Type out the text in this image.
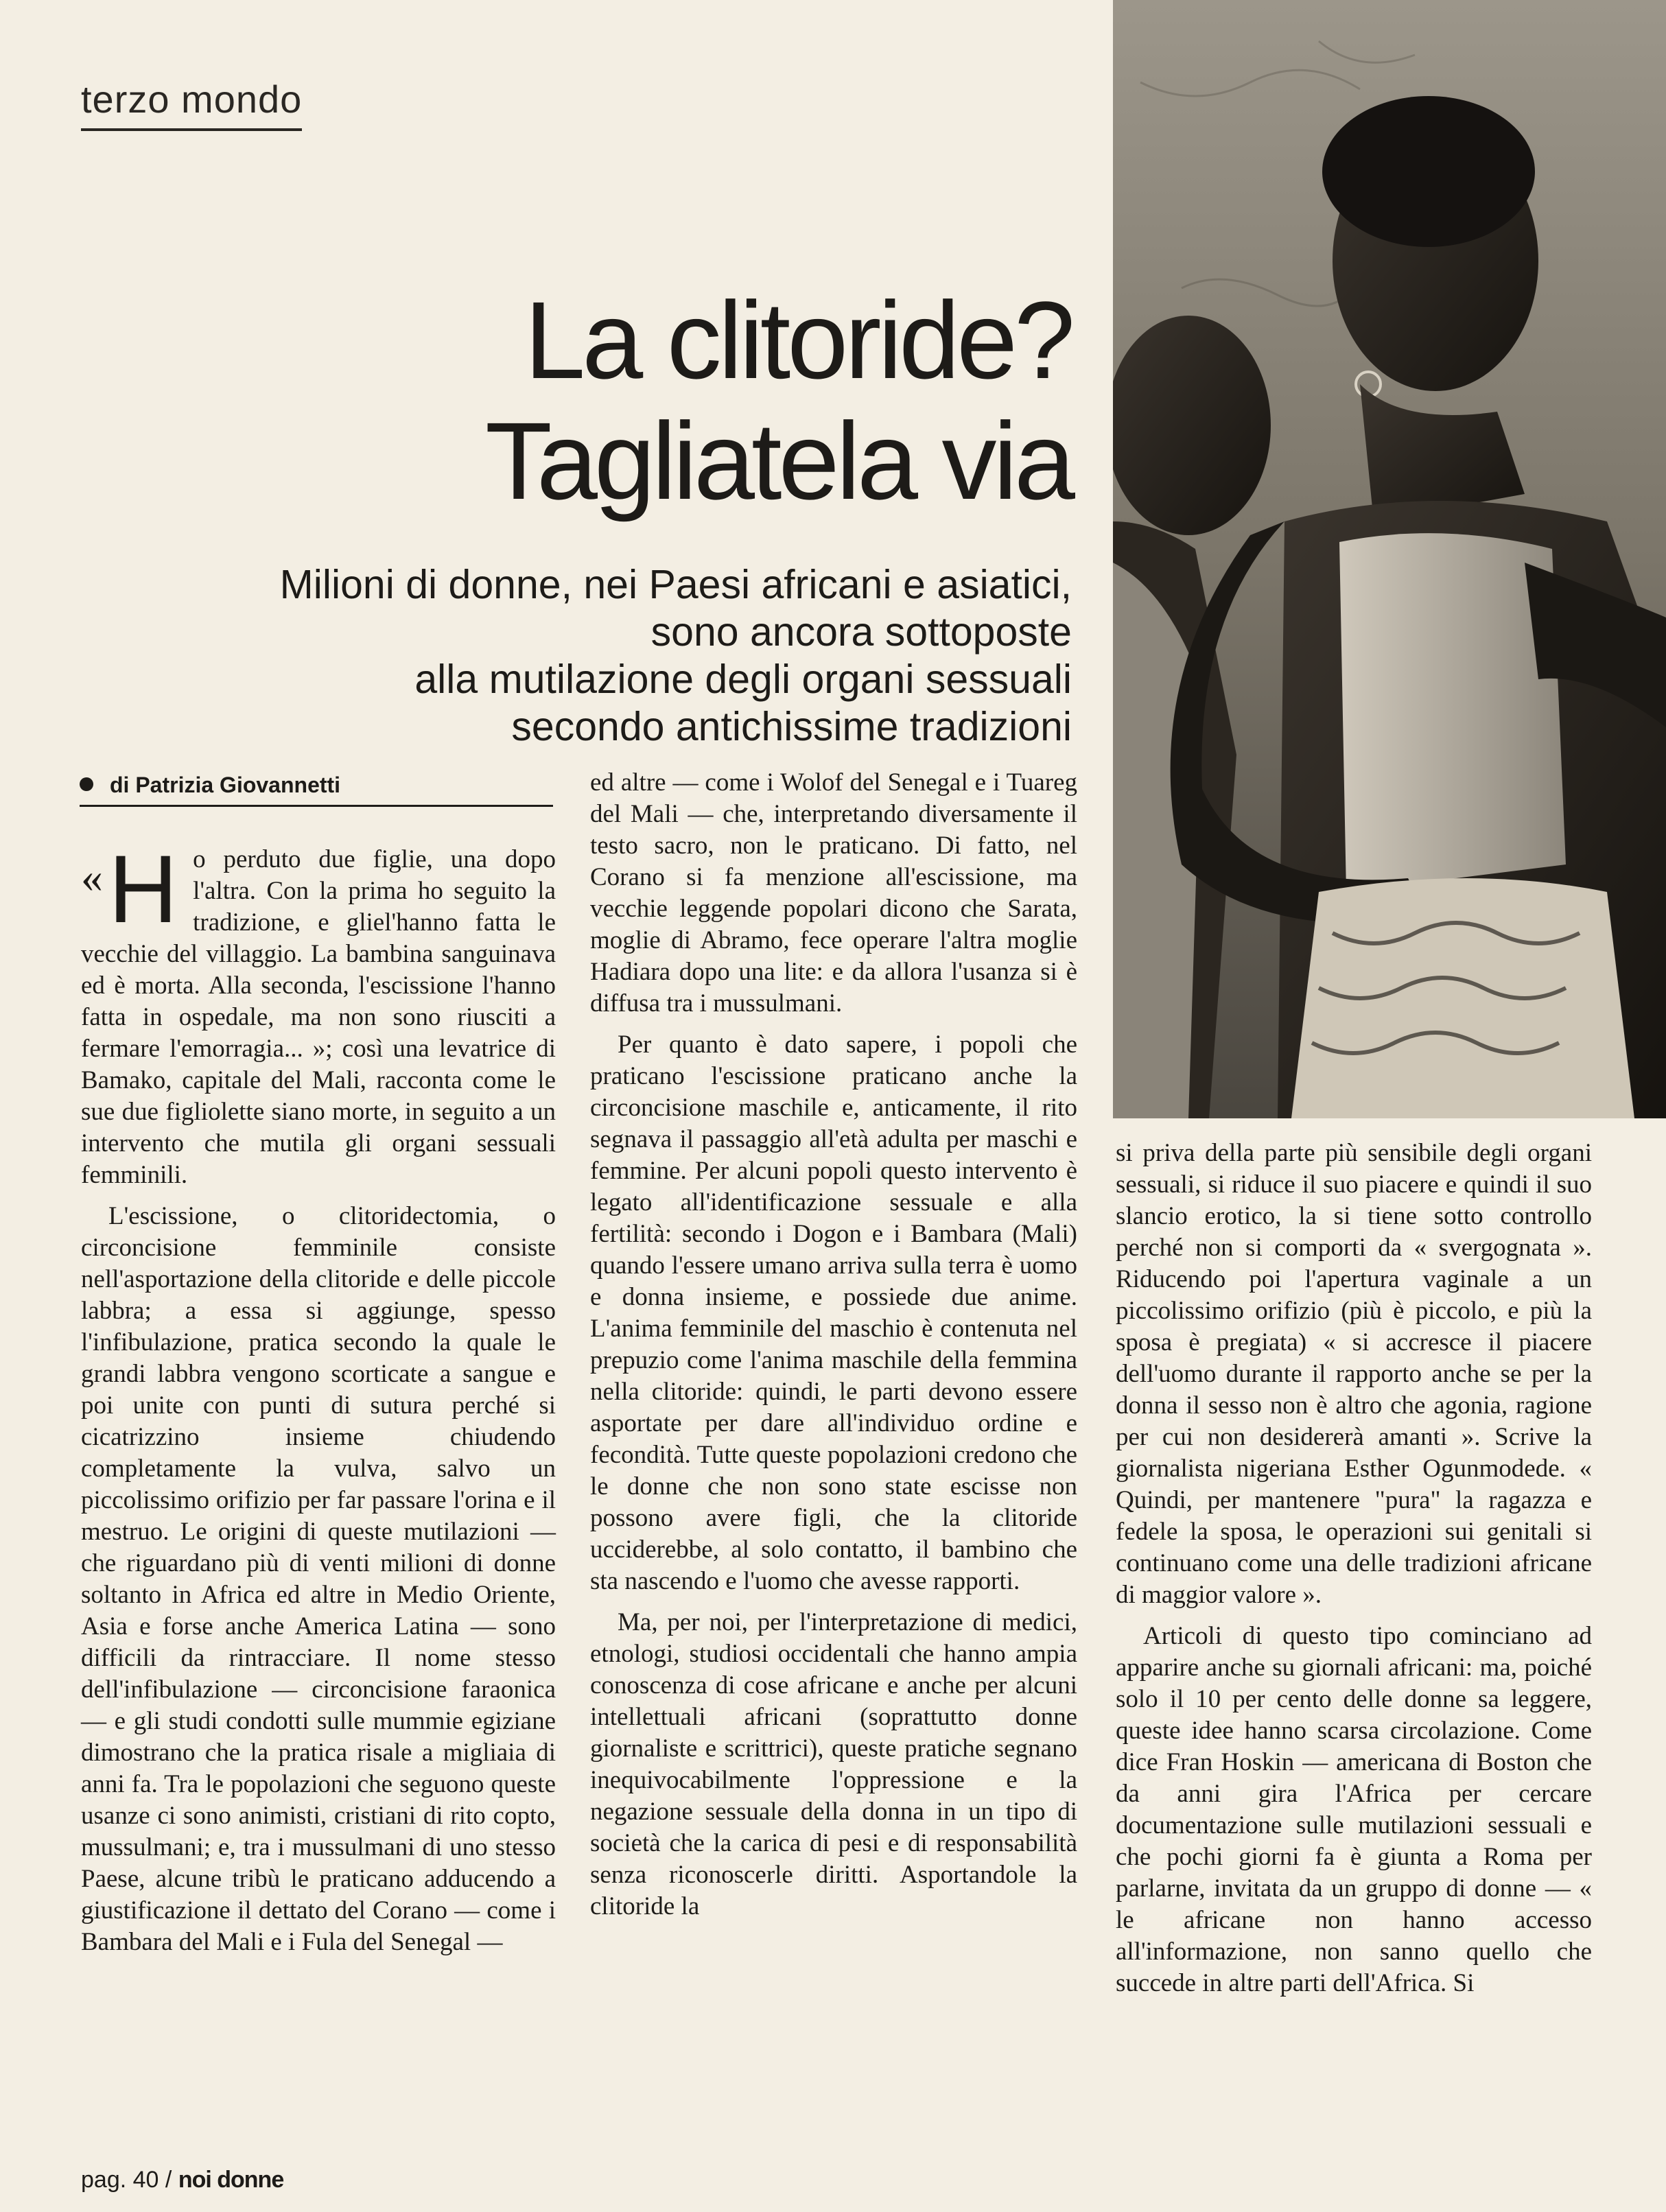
terzo mondo
La clitoride?
Tagliatela via
Milioni di donne, nei Paesi africani e asiatici,
sono ancora sottoposte
alla mutilazione degli organi sessuali
secondo antichissime tradizioni
di Patrizia Giovannetti

« H o perduto due figlie, una dopo l'altra. Con la prima ho seguito la tradizione, e gliel'hanno fatta le vecchie del villaggio. La bambina sanguinava ed è morta. Alla seconda, l'escissione l'hanno fatta in ospedale, ma non sono riusciti a fermare l'emorragia... »; così una levatrice di Bamako, capitale del Mali, racconta come le sue due figliolette siano morte, in seguito a un intervento che mutila gli organi sessuali femminili.

L'escissione, o clitoridectomia, o circoncisione femminile consiste nell'asportazione della clitoride e delle piccole labbra; a essa si aggiunge, spesso l'infibulazione, pratica secondo la quale le grandi labbra vengono scorticate a sangue e poi unite con punti di sutura perché si cicatrizzino insieme chiudendo completamente la vulva, salvo un piccolissimo orifizio per far passare l'orina e il mestruo. Le origini di queste mutilazioni — che riguardano più di venti milioni di donne soltanto in Africa ed altre in Medio Oriente, Asia e forse anche America Latina — sono difficili da rintracciare. Il nome stesso dell'infibulazione — circoncisione faraonica — e gli studi condotti sulle mummie egiziane dimostrano che la pratica risale a migliaia di anni fa. Tra le popolazioni che seguono queste usanze ci sono animisti, cristiani di rito copto, mussulmani; e, tra i mussulmani di uno stesso Paese, alcune tribù le praticano adducendo a giustificazione il dettato del Corano — come i Bambara del Mali e i Fula del Senegal —

ed altre — come i Wolof del Senegal e i Tuareg del Mali — che, interpretando diversamente il testo sacro, non le praticano. Di fatto, nel Corano si fa menzione all'escissione, ma vecchie leggende popolari dicono che Sarata, moglie di Abramo, fece operare l'altra moglie Hadiara dopo una lite: e da allora l'usanza si è diffusa tra i mussulmani.

Per quanto è dato sapere, i popoli che praticano l'escissione praticano anche la circoncisione maschile e, anticamente, il rito segnava il passaggio all'età adulta per maschi e femmine. Per alcuni popoli questo intervento è legato all'identificazione sessuale e alla fertilità: secondo i Dogon e i Bambara (Mali) quando l'essere umano arriva sulla terra è uomo e donna insieme, e possiede due anime. L'anima femminile del maschio è contenuta nel prepuzio come l'anima maschile della femmina nella clitoride: quindi, le parti devono essere asportate per dare all'individuo ordine e fecondità. Tutte queste popolazioni credono che le donne che non sono state escisse non possono avere figli, che la clitoride ucciderebbe, al solo contatto, il bambino che sta nascendo e l'uomo che avesse rapporti.

Ma, per noi, per l'interpretazione di medici, etnologi, studiosi occidentali che hanno ampia conoscenza di cose africane e anche per alcuni intellettuali africani (soprattutto donne giornaliste e scrittrici), queste pratiche segnano inequivocabilmente l'oppressione e la negazione sessuale della donna in un tipo di società che la carica di pesi e di responsabilità senza riconoscerle diritti. Asportandole la clitoride la

si priva della parte più sensibile degli organi sessuali, si riduce il suo piacere e quindi il suo slancio erotico, la si tiene sotto controllo perché non si comporti da « svergognata ». Riducendo poi l'apertura vaginale a un piccolissimo orifizio (più è piccolo, e più la sposa è pregiata) « si accresce il piacere dell'uomo durante il rapporto anche se per la donna il sesso non è altro che agonia, ragione per cui non desidererà amanti ». Scrive la giornalista nigeriana Esther Ogunmodede. « Quindi, per mantenere "pura" la ragazza e fedele la sposa, le operazioni sui genitali si continuano come una delle tradizioni africane di maggior valore ».

Articoli di questo tipo cominciano ad apparire anche su giornali africani: ma, poiché solo il 10 per cento delle donne sa leggere, queste idee hanno scarsa circolazione. Come dice Fran Hoskin — americana di Boston che da anni gira l'Africa per cercare documentazione sulle mutilazioni sessuali e che pochi giorni fa è giunta a Roma per parlarne, invitata da un gruppo di donne — « le africane non hanno accesso all'informazione, non sanno quello che succede in altre parti dell'Africa. Si

pag. 40 / noi donne
